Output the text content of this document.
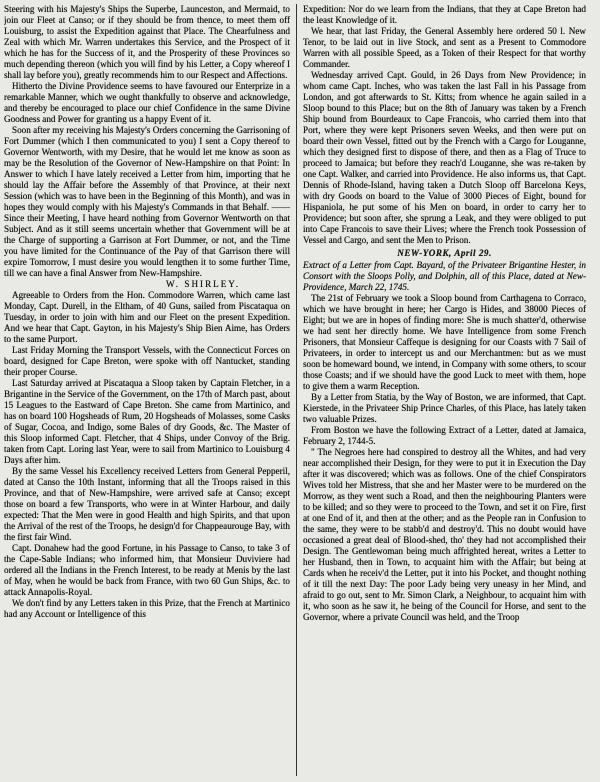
Steering with his Majesty's Ships the Superbe, Launceston, and Mermaid, to join our Fleet at Canso; or if they should be from thence, to meet them off Louisburg, to assist the Expedition against that Place. The Chearfulness and Zeal with which Mr. Warren undertakes this Service, and the Prospect of it which he has for the Success of it, and the Prosperity of these Provinces so much depending thereon (which you will find by his Letter, a Copy whereof I shall lay before you), greatly recommends him to our Respect and Affections.

Hitherto the Divine Providence seems to have favoured our Enterprize in a remarkable Manner, which we ought thankfully to observe and acknowledge, and thereby be encouraged to place our chief Confidence in the same Divine Goodness and Power for granting us a happy Event of it.

Soon after my receiving his Majesty's Orders concerning the Garrisoning of Fort Dummer (which I then communicated to you) I sent a Copy thereof to Governor Wentworth, with my Desire, that he would let me know as soon as may be the Resolution of the Governor of New-Hampshire on that Point: In Answer to which I have lately received a Letter from him, importing that he should lay the Affair before the Assembly of that Province, at their next Session (which was to have been in the Beginning of this Month), and was in hopes they would comply with his Majesty's Commands in that Behalf. —— Since their Meeting, I have heard nothing from Governor Wentworth on that Subject. And as it still seems uncertain whether that Government will be at the Charge of supporting a Garrison at Fort Dummer, or not, and the Time you have limited for the Continuance of the Pay of that Garrison there will expire Tomorrow, I must desire you would lengthen it to some further Time, till we can have a final Answer from New-Hampshire.

W. SHIRLEY.

Agreeable to Orders from the Hon. Commodore Warren, which came last Monday, Capt. Durell, in the Eltham, of 40 Guns, sailed from Piscataqua on Tuesday, in order to join with him and our Fleet on the present Expedition. And we hear that Capt. Gayton, in his Majesty's Ship Bien Aime, has Orders to the same Purport.

Last Friday Morning the Transport Vessels, with the Connecticut Forces on board, designed for Cape Breton, were spoke with off Nantucket, standing their proper Course.

Last Saturday arrived at Piscataqua a Sloop taken by Captain Fletcher, in a Brigantine in the Service of the Government, on the 17th of March past, about 15 Leagues to the Eastward of Cape Breton. She came from Martinico, and has on board 100 Hogsheads of Rum, 20 Hogsheads of Molasses, some Casks of Sugar, Cocoa, and Indigo, some Bales of dry Goods, &c. The Master of this Sloop informed Capt. Fletcher, that 4 Ships, under Convoy of the Brig. taken from Capt. Loring last Year, were to sail from Martinico to Louisburg 4 Days after him.

By the same Vessel his Excellency received Letters from General Pepperil, dated at Canso the 10th Instant, informing that all the Troops raised in this Province, and that of New-Hampshire, were arrived safe at Canso; except those on board a few Transports, who were in at Winter Harbour, and daily expected: That the Men were in good Health and high Spirits, and that upon the Arrival of the rest of the Troops, he design'd for Chappeaurouge Bay, with the first fair Wind.

Capt. Donahew had the good Fortune, in his Passage to Canso, to take 3 of the Cape-Sable Indians; who informed him, that Monsieur Duviviere had ordered all the Indians in the French Interest, to be ready at Menis by the last of May, when he would be back from France, with two 60 Gun Ships, &c. to attack Annapolis-Royal.

We don't find by any Letters taken in this Prize, that the French at Martinico had any Account or Intelligence of this

Expedition: Nor do we learn from the Indians, that they at Cape Breton had the least Knowledge of it.

We hear, that last Friday, the General Assembly here ordered 50 l. New Tenor, to be laid out in live Stock, and sent as a Present to Commodore Warren with all possible Speed, as a Token of their Respect for that worthy Commander.

Wednesday arrived Capt. Gould, in 26 Days from New Providence; in whom came Capt. Inches, who was taken the last Fall in his Passage from London, and got afterwards to St. Kitts; from whence he again sailed in a Sloop bound to this Place; but on the 8th of January was taken by a French Ship bound from Bourdeaux to Cape Francois, who carried them into that Port, where they were kept Prisoners seven Weeks, and then were put on board their own Vessel, fitted out by the French with a Cargo for Louganne, which they designed first to dispose of there, and then as a Flag of Truce to proceed to Jamaica; but before they reach'd Louganne, she was re-taken by one Capt. Walker, and carried into Providence. He also informs us, that Capt. Dennis of Rhode-Island, having taken a Dutch Sloop off Barcelona Keys, with dry Goods on board to the Value of 3000 Pieces of Eight, bound for Hispaniola, he put some of his Men on board, in order to carry her to Providence; but soon after, she sprung a Leak, and they were obliged to put into Cape Francois to save their Lives; where the French took Possession of Vessel and Cargo, and sent the Men to Prison.

NEW-YORK, April 29.

Extract of a Letter from Capt. Bayard, of the Privateer Brigantine Hester, in Consort with the Sloops Polly, and Dolphin, all of this Place, dated at New-Providence, March 22, 1745.

The 21st of February we took a Sloop bound from Carthagena to Corraco, which we have brought in here; her Cargo is Hides, and 38000 Pieces of Eight; but we are in hopes of finding more: She is much shatter'd, otherwise we had sent her directly home. We have Intelligence from some French Prisoners, that Monsieur Caffeque is designing for our Coasts with 7 Sail of Privateers, in order to intercept us and our Merchantmen: but as we must soon be homeward bound, we intend, in Company with some others, to scour those Coasts; and if we should have the good Luck to meet with them, hope to give them a warm Reception.

By a Letter from Statia, by the Way of Boston, we are informed, that Capt. Kierstede, in the Privateer Ship Prince Charles, of this Place, has lately taken two valuable Prizes.

From Boston we have the following Extract of a Letter, dated at Jamaica, February 2, 1744-5.

" The Negroes here had conspired to destroy all the Whites, and had very near accomplished their Design, for they were to put it in Execution the Day after it was discovered; which was as follows. One of the chief Conspirators Wives told her Mistress, that she and her Master were to be murdered on the Morrow, as they went such a Road, and then the neighbouring Planters were to be killed; and so they were to proceed to the Town, and set it on Fire, first at one End of it, and then at the other; and as the People ran in Confusion to the same, they were to be stabb'd and destroy'd. This no doubt would have occasioned a great deal of Blood-shed, tho' they had not accomplished their Design. The Gentlewoman being much affrighted hereat, writes a Letter to her Husband, then in Town, to acquaint him with the Affair; but being at Cards when he receiv'd the Letter, put it into his Pocket, and thought nothing of it till the next Day: The poor Lady being very uneasy in her Mind, and afraid to go out, sent to Mr. Simon Clark, a Neighbour, to acquaint him with it, who soon as he saw it, he being of the Council for Horse, and sent to the Governor, where a private Council was held, and the Troop
